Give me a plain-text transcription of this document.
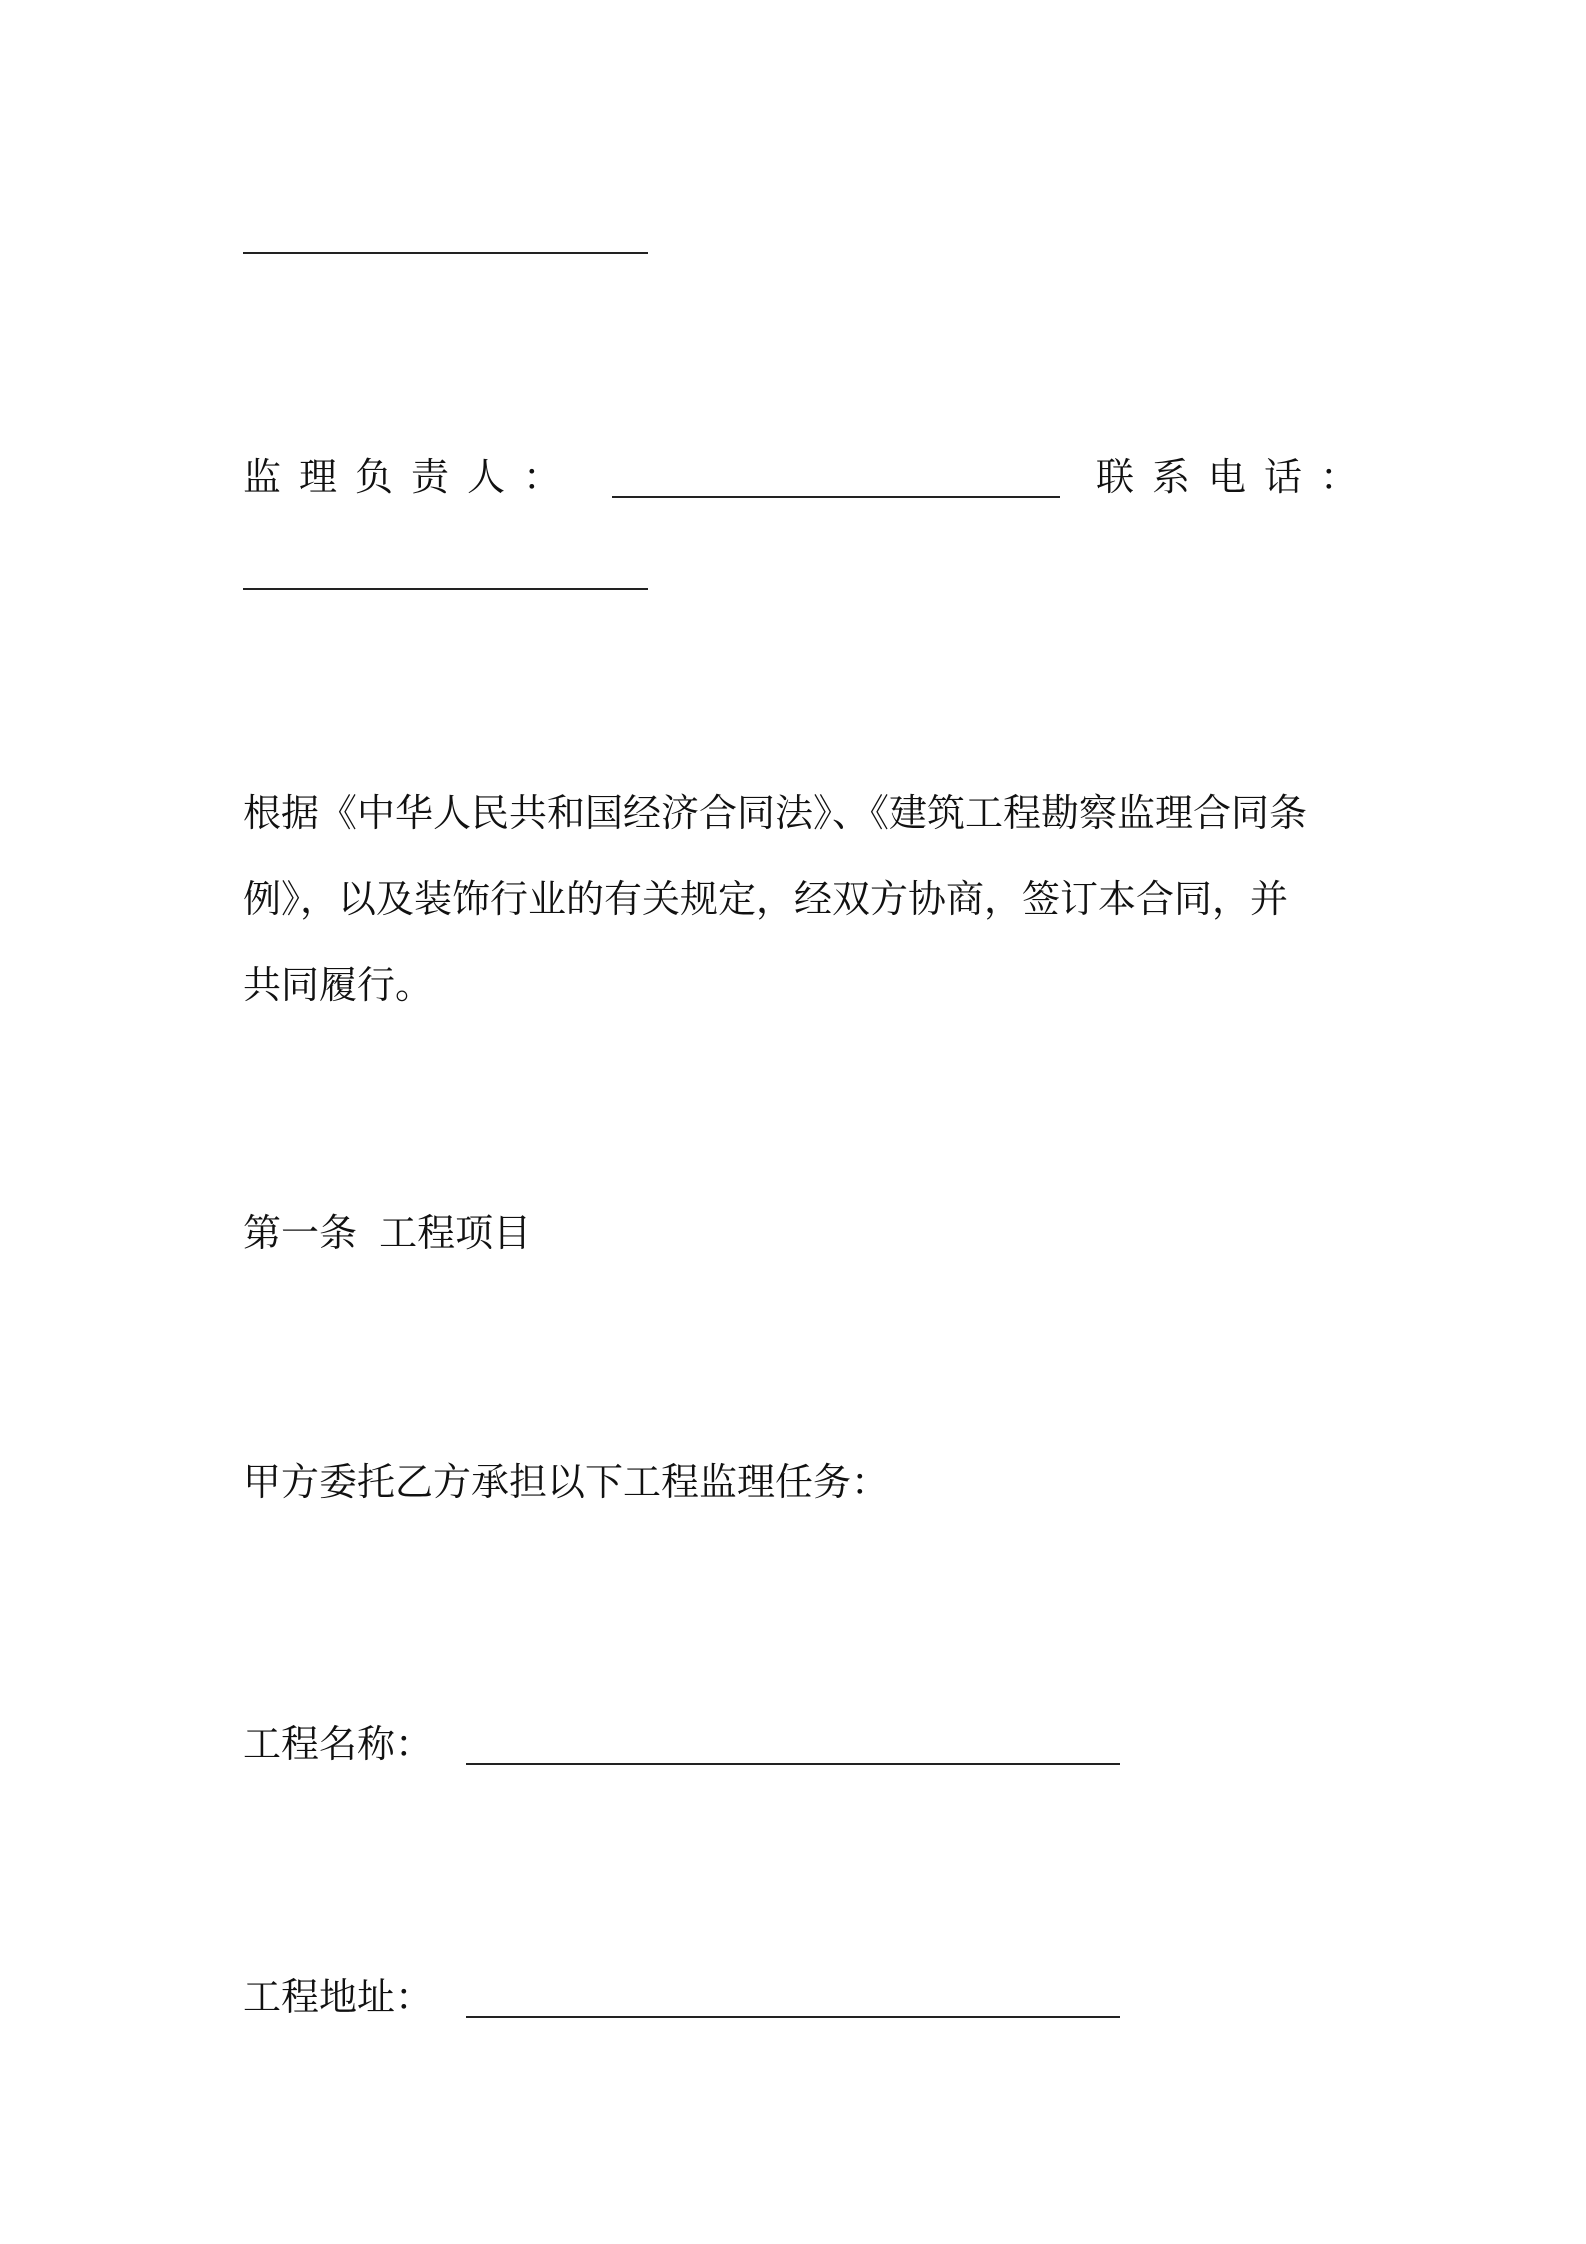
监理负责人：	联系电话：
根据《中华人民共和国经济合同法》、《建筑工程勘察监理合同条
例》，以及装饰行业的有关规定，经双方协商，签订本合同，并
共同履行。
第一条 工程项目
甲方委托乙方承担以下工程监理任务：
工程名称：
工程地址：
